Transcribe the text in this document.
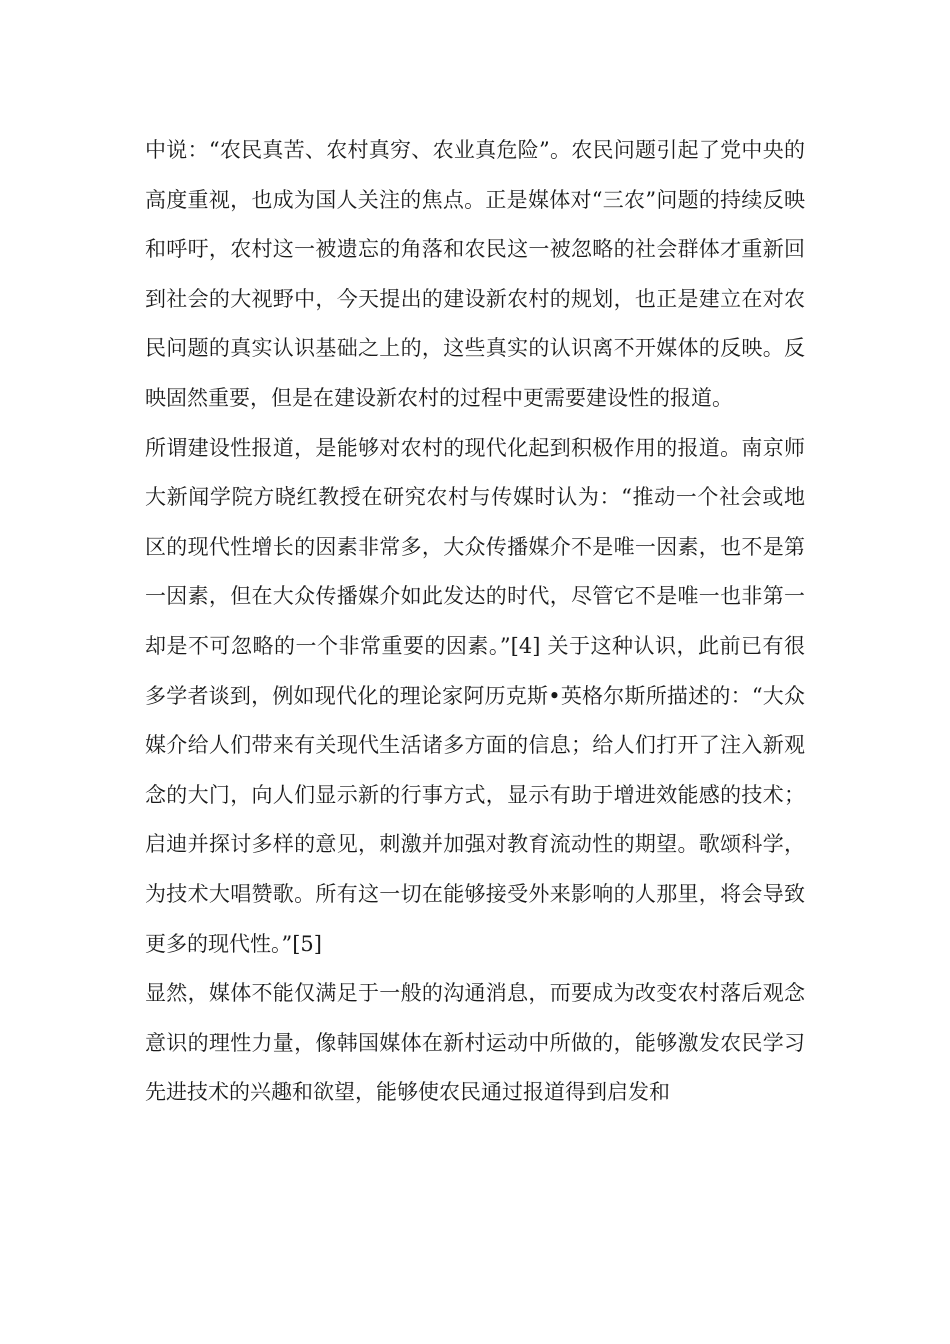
中说：“农民真苦、农村真穷、农业真危险”。农民问题引起了党中央的高度重视，也成为国人关注的焦点。正是媒体对“三农”问题的持续反映和呼吁，农村这一被遗忘的角落和农民这一被忽略的社会群体才重新回到社会的大视野中，今天提出的建设新农村的规划，也正是建立在对农民问题的真实认识基础之上的，这些真实的认识离不开媒体的反映。反映固然重要，但是在建设新农村的过程中更需要建设性的报道。

所谓建设性报道，是能够对农村的现代化起到积极作用的报道。南京师大新闻学院方晓红教授在研究农村与传媒时认为：“推动一个社会或地区的现代性增长的因素非常多，大众传播媒介不是唯一因素，也不是第一因素，但在大众传播媒介如此发达的时代，尽管它不是唯一也非第一却是不可忽略的一个非常重要的因素。”[4] 关于这种认识，此前已有很多学者谈到，例如现代化的理论家阿历克斯•英格尔斯所描述的：“大众媒介给人们带来有关现代生活诸多方面的信息；给人们打开了注入新观念的大门，向人们显示新的行事方式，显示有助于增进效能感的技术；启迪并探讨多样的意见，刺激并加强对教育流动性的期望。歌颂科学，为技术大唱赞歌。所有这一切在能够接受外来影响的人那里，将会导致更多的现代性。”[5]

显然，媒体不能仅满足于一般的沟通消息，而要成为改变农村落后观念意识的理性力量，像韩国媒体在新村运动中所做的，能够激发农民学习先进技术的兴趣和欲望，能够使农民通过报道得到启发和
